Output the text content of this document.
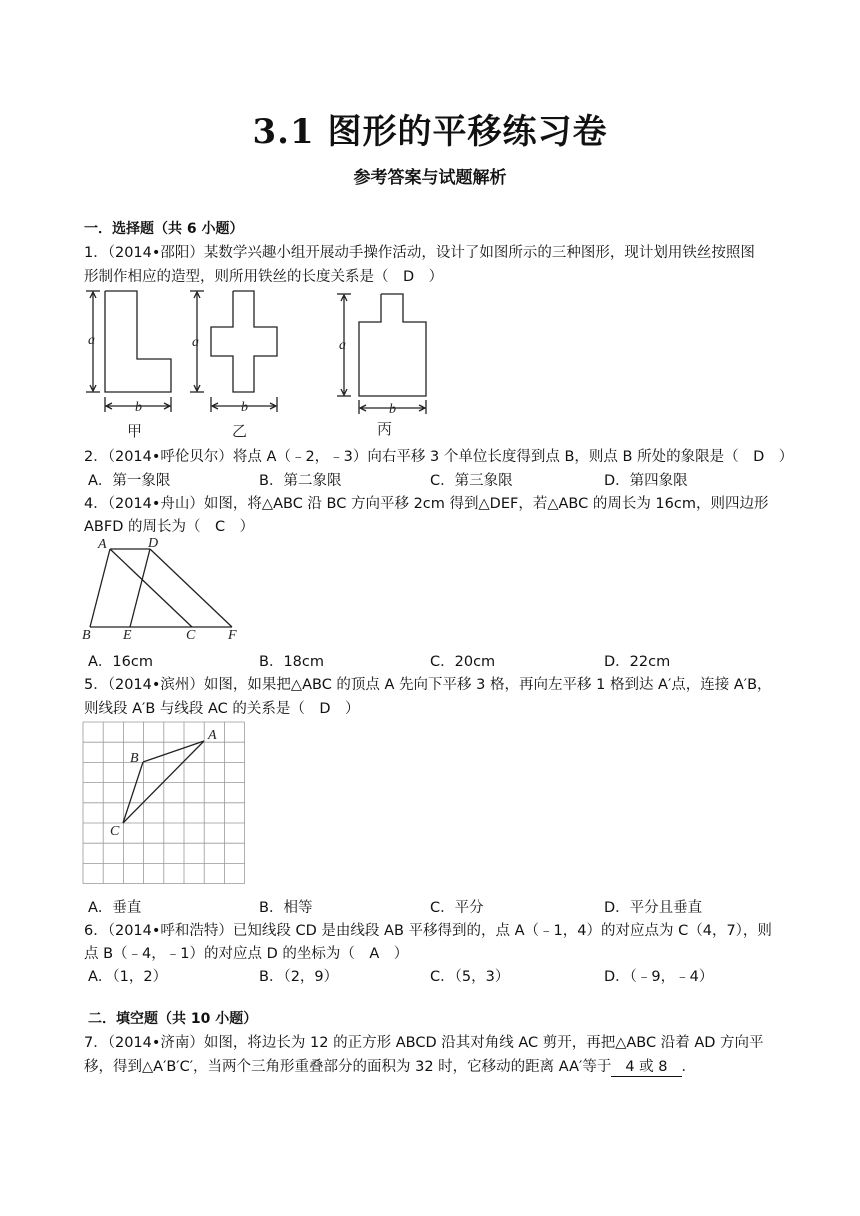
3.1 图形的平移练习卷
参考答案与试题解析
一．选择题（共 6 小题）
1．（2014•邵阳）某数学兴趣小组开展动手操作活动，设计了如图所示的三种图形，现计划用铁丝按照图
形制作相应的造型，则所用铁丝的长度关系是（　D　）
a
b
a
b
a
b
甲	乙	丙
2．（2014•呼伦贝尔）将点 A（﹣2，﹣3）向右平移 3 个单位长度得到点 B，则点 B 所处的象限是（　D　）
A．第一象限	B．第二象限	C．第三象限	D．第四象限
4．（2014•舟山）如图，将△ABC 沿 BC 方向平移 2cm 得到△DEF，若△ABC 的周长为 16cm，则四边形
ABFD 的周长为（　C　）
A	D
B E	C F
A．16cm	B．18cm	C．20cm	D．22cm
5．（2014•滨州）如图，如果把△ABC 的顶点 A 先向下平移 3 格，再向左平移 1 格到达 A′点，连接 A′B，
则线段 A′B 与线段 AC 的关系是（　D　）
A
B
C
A．垂直	B．相等	C．平分	D．平分且垂直
6．（2014•呼和浩特）已知线段 CD 是由线段 AB 平移得到的，点 A（﹣1，4）的对应点为 C（4，7），则
点 B（﹣4，﹣1）的对应点 D 的坐标为（　A　）
A．（1，2）	B．（2，9）	C．（5，3）	D．（﹣9，﹣4）
二．填空题（共 10 小题）
7．（2014•济南）如图，将边长为 12 的正方形 ABCD 沿其对角线 AC 剪开，再把△ABC 沿着 AD 方向平
移，得到△A′B′C′，当两个三角形重叠部分的面积为 32 时，它移动的距离 AA′等于 4 或 8 ．
